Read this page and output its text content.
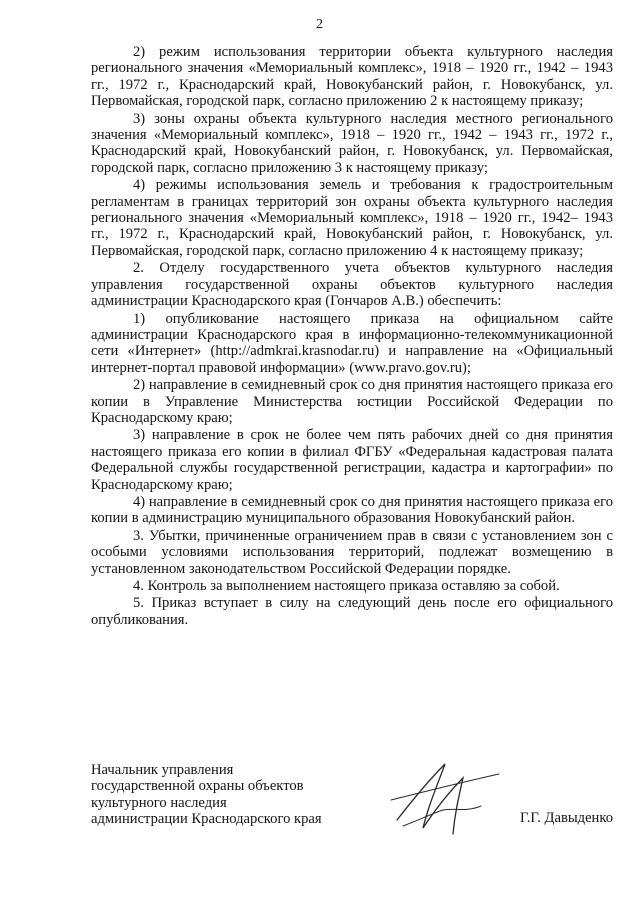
2

2) режим использования территории объекта культурного наследия регионального значения «Мемориальный комплекс», 1918 – 1920 гг., 1942 – 1943 гг., 1972 г., Краснодарский край, Новокубанский район, г. Новокубанск, ул. Первомайская, городской парк, согласно приложению 2 к настоящему приказу;

3) зоны охраны объекта культурного наследия местного регионального значения «Мемориальный комплекс», 1918 – 1920 гг., 1942 – 1943 гг., 1972 г., Краснодарский край, Новокубанский район, г. Новокубанск, ул. Первомайская, городской парк, согласно приложению 3 к настоящему приказу;

4) режимы использования земель и требования к градостроительным регламентам в границах территорий зон охраны объекта культурного наследия регионального значения «Мемориальный комплекс», 1918 – 1920 гг., 1942– 1943 гг., 1972 г., Краснодарский край, Новокубанский район, г. Новокубанск, ул. Первомайская, городской парк, согласно приложению 4 к настоящему приказу;

2. Отделу государственного учета объектов культурного наследия управления государственной охраны объектов культурного наследия администрации Краснодарского края (Гончаров А.В.) обеспечить:

1) опубликование настоящего приказа на официальном сайте администрации Краснодарского края в информационно-телекоммуникационной сети «Интернет» (http://admkrai.krasnodar.ru) и направление на «Официальный интернет-портал правовой информации» (www.pravo.gov.ru);

2) направление в семидневный срок со дня принятия настоящего приказа его копии в Управление Министерства юстиции Российской Федерации по Краснодарскому краю;

3) направление в срок не более чем пять рабочих дней со дня принятия настоящего приказа его копии в филиал ФГБУ «Федеральная кадастровая палата Федеральной службы государственной регистрации, кадастра и картографии» по Краснодарскому краю;

4) направление в семидневный срок со дня принятия настоящего приказа его копии в администрацию муниципального образования Новокубанский район.

3. Убытки, причиненные ограничением прав в связи с установлением зон с особыми условиями использования территорий, подлежат возмещению в установленном законодательством Российской Федерации порядке.

4. Контроль за выполнением настоящего приказа оставляю за собой.

5. Приказ вступает в силу на следующий день после его официального опубликования.

Начальник управления
государственной охраны объектов
культурного наследия
администрации Краснодарского края	Г.Г. Давыденко
